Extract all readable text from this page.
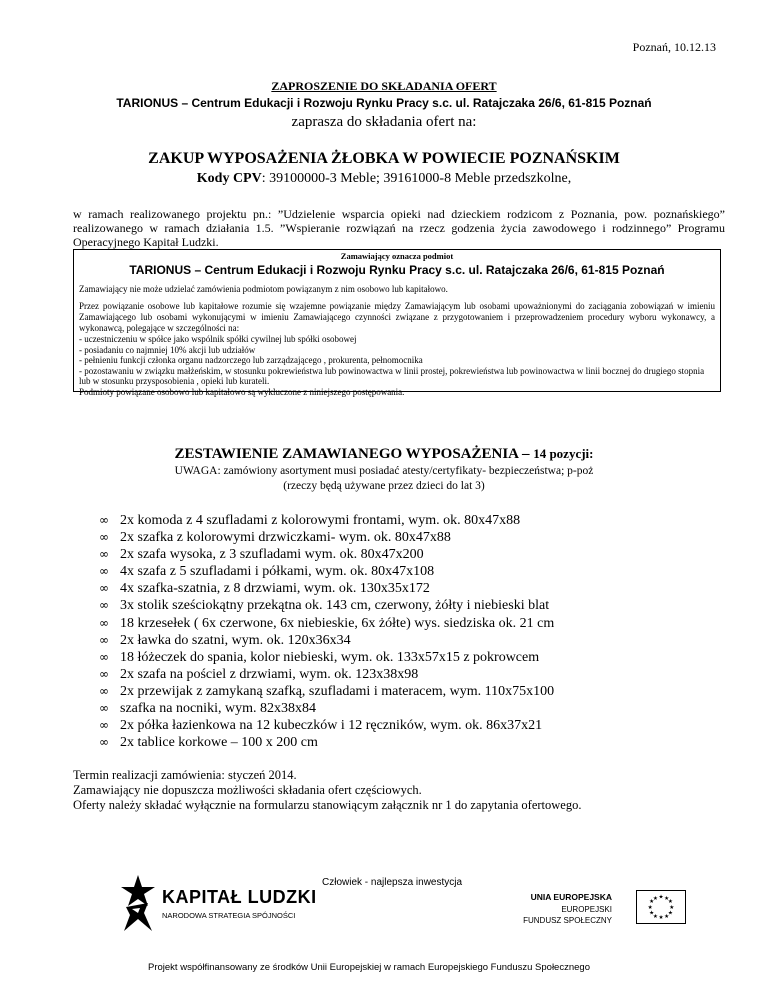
Poznań, 10.12.13
ZAPROSZENIE DO SKŁADANIA OFERT
TARIONUS – Centrum Edukacji i Rozwoju Rynku Pracy s.c. ul. Ratajczaka 26/6, 61-815 Poznań
zaprasza do składania ofert na:
ZAKUP WYPOSAŻENIA ŻŁOBKA W POWIECIE POZNAŃSKIM
Kody CPV: 39100000-3 Meble; 39161000-8 Meble przedszkolne,
w ramach realizowanego projektu pn.: ”Udzielenie wsparcia opieki nad dzieckiem rodzicom z Poznania, pow. poznańskiego” realizowanego w ramach działania 1.5. ”Wspieranie rozwiązań na rzecz godzenia życia zawodowego i rodzinnego” Programu Operacyjnego Kapitał Ludzki.
Zamawiający oznacza podmiot
TARIONUS – Centrum Edukacji i Rozwoju Rynku Pracy s.c. ul. Ratajczaka 26/6, 61-815 Poznań
Zamawiający nie może udzielać zamówienia podmiotom powiązanym z nim osobowo lub kapitałowo.
Przez powiązanie osobowe lub kapitałowe rozumie się wzajemne powiązanie między Zamawiającym lub osobami upoważnionymi do zaciągania zobowiązań w imieniu Zamawiającego lub osobami wykonującymi w imieniu Zamawiającego czynności związane z przygotowaniem i przeprowadzeniem procedury wyboru wykonawcy, a wykonawcą, polegające w szczególności na:
- uczestniczeniu w spółce jako wspólnik spółki cywilnej lub spółki osobowej
- posiadaniu co najmniej 10% akcji lub udziałów
- pełnieniu funkcji członka organu nadzorczego lub zarządzającego , prokurenta, pełnomocnika
- pozostawaniu w związku małżeńskim, w stosunku pokrewieństwa lub powinowactwa w linii prostej, pokrewieństwa lub powinowactwa w linii bocznej do drugiego stopnia lub w stosunku przysposobienia , opieki lub kurateli.
Podmioty powiązane osobowo lub kapitałowo są wykluczone z niniejszego postępowania.
ZESTAWIENIE ZAMAWIANEGO WYPOSAŻENIA – 14 pozycji:
UWAGA: zamówiony asortyment musi posiadać atesty/certyfikaty- bezpieczeństwa; p-poż
(rzeczy będą używane przez dzieci do lat 3)
∞ 2x komoda z 4 szufladami z kolorowymi frontami, wym. ok. 80x47x88
∞ 2x szafka z kolorowymi drzwiczkami- wym. ok. 80x47x88
∞ 2x szafa wysoka, z 3 szufladami wym. ok. 80x47x200
∞ 4x szafa z 5 szufladami i półkami, wym. ok. 80x47x108
∞ 4x szafka-szatnia, z 8 drzwiami, wym. ok. 130x35x172
∞ 3x stolik sześciokątny przekątna ok. 143 cm, czerwony, żółty i niebieski blat
∞ 18 krzesełek ( 6x czerwone, 6x niebieskie, 6x żółte) wys. siedziska ok. 21 cm
∞ 2x ławka do szatni, wym. ok. 120x36x34
∞ 18 łóżeczek do spania, kolor niebieski, wym. ok. 133x57x15 z pokrowcem
∞ 2x szafa na pościel z drzwiami, wym. ok. 123x38x98
∞ 2x przewijak z zamykaną szafką, szufladami i materacem, wym. 110x75x100
∞ szafka na nocniki, wym. 82x38x84
∞ 2x półka łazienkowa na 12 kubeczków i 12 ręczników, wym. ok. 86x37x21
∞ 2x tablice korkowe – 100 x 200 cm
Termin realizacji zamówienia: styczeń 2014.
Zamawiający nie dopuszcza możliwości składania ofert częściowych.
Oferty należy składać wyłącznie na formularzu stanowiącym załącznik nr 1 do zapytania ofertowego.
Człowiek - najlepsza inwestycja
KAPITAŁ LUDZKI
NARODOWA STRATEGIA SPÓJNOŚCI
UNIA EUROPEJSKA
EUROPEJSKI
FUNDUSZ SPOŁECZNY
★ ★
★
★
★
★
★
★
★
★
★
★
Projekt współfinansowany ze środków Unii Europejskiej w ramach Europejskiego Funduszu Społecznego
